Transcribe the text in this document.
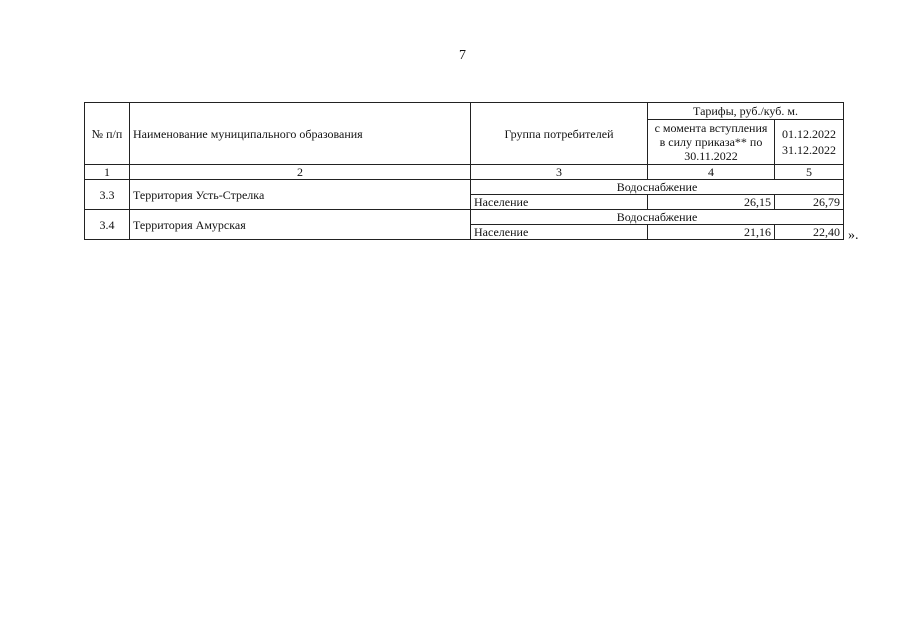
7
№ п/п	Наименование муниципального образования	Группа потребителей	Тарифы, руб./куб. м.	
			с момента вступления в силу приказа** по 30.11.2022	01.12.2022 31.12.2022
1	2	3	4	5
3.3	Территория Усть-Стрелка	Водоснабжение		
		Население	26,15	26,79
3.4	Территория Амурская	Водоснабжение		
		Население	21,16	22,40 ».
